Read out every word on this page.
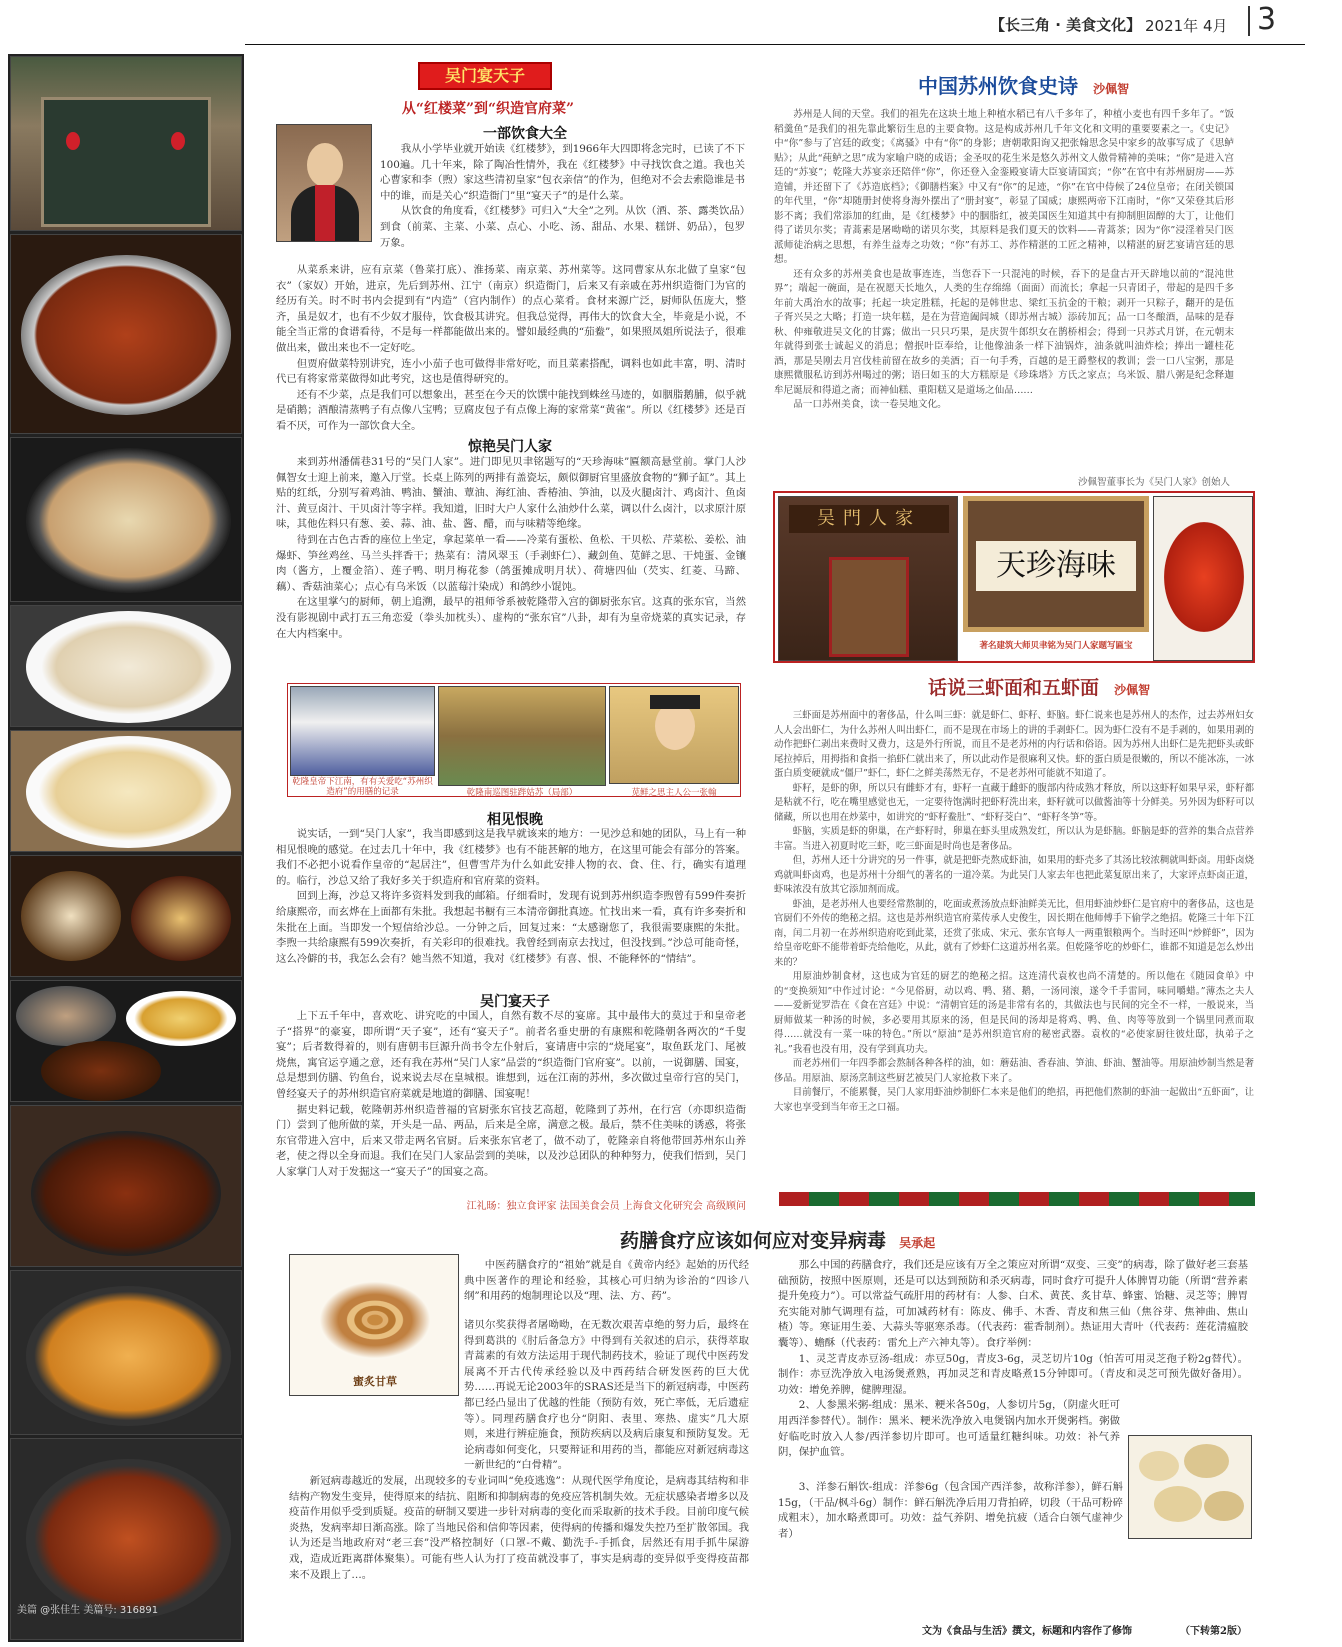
【长三角 · 美食文化】 2021年 4月 3
美篇 @张佳生 美篇号: 316891
吴门宴天子
从“红楼菜”到“织造官府菜”
一部饮食大全

我从小学毕业就开始读《红楼梦》，到1966年大四即将念完时，已读了不下100遍。几十年来，除了陶冶性情外，我在《红楼梦》中寻找饮食之道。我也关心曹家和李（煦）家这些清初皇家“包衣亲信”的作为，但绝对不会去索隐谁是书中的谁，而是关心“织造衙门”里“宴天子”的是什么菜。

从饮食的角度看，《红楼梦》可归入“大全”之列。从饮（酒、茶、露类饮品）到食（前菜、主菜、小菜、点心、小吃、汤、甜品、水果、糕饼、奶品），包罗万象。

从菜系来讲，应有京菜（鲁菜打底）、淮扬菜、南京菜、苏州菜等。这同曹家从东北做了皇家“包衣”（家奴）开始，进京，先后到苏州、江宁（南京）织造衙门，后来又有亲戚在苏州织造衙门为官的经历有关。时不时书内会提到有“内造”（宫内制作）的点心菜肴。食材来源广泛，厨师队伍庞大，整齐，虽是奴才，也有不少奴才服侍，饮食极其讲究。但我总觉得，再伟大的饮食大全，毕竟是小说，不能全当正常的食谱看待，不是每一样都能做出来的。譬如最经典的“茄鲞”，如果照凤姐所说法子，很难做出来，做出来也不一定好吃。

但贾府做菜特别讲究，连小小茄子也可做得非常好吃，而且菜素搭配，调料也如此丰富，明、清时代已有将家常菜做得如此考究，这也是值得研究的。

还有不少菜，点是我们可以想象出，甚至在今天的饮馔中能找到蛛丝马迹的，如胭脂鹅脯，似乎就是硝鹅；酒酿清蒸鸭子有点像八宝鸭；豆腐皮包子有点像上海的家常菜“黄雀”。所以《红楼梦》还是百看不厌，可作为一部饮食大全。

惊艳吴门人家

来到苏州潘儒巷31号的“吴门人家”。进门即见贝聿铭题写的“天珍海味”匾额高悬堂前。掌门人沙佩智女士迎上前来，邀入厅堂。长桌上陈列的两排有盖瓷坛，颇似御厨官里盛放食物的“狮子缸”。其上贴的红纸，分别写着鸡油、鸭油、蟹油、蕈油、海红油、香椿油、笋油，以及火腿卤汁、鸡卤汁、鱼卤汁、黄豆卤汁、干贝卤汁等字样。我知道，旧时大户人家什么油炒什么菜，调以什么卤汁，以求原汁原味，其他佐料只有葱、姜、蒜、油、盐、酱、醋，而与味精等绝缘。

待到在古色古香的座位上坐定，拿起菜单一看——冷菜有蛋松、鱼松、干贝松、芹菜松、姜松、油爆虾、笋丝鸡丝、马兰头拌香干；热菜有：清风翠玉（手剥虾仁）、藏剑鱼、苋鲜之思、干炖蛋、金镶肉（酱方，上覆金箔）、莲子鸭、明月梅花参（鸽蛋摊成明月状）、荷塘四仙（芡实、红菱、马蹄、藕）、香菇油菜心；点心有乌米饭（以蓝莓汁染成）和鸽纱小馄饨。

在这里掌勺的厨师，朝上追溯，最早的祖师爷系被乾隆带入宫的御厨张东官。这真的张东官，当然没有影视剧中武打五三角恋爱（拳头加枕头）、虚构的“张东官”八卦，却有为皇帝烧菜的真实记录，存在大内档案中。

乾隆皇帝下江南，有有关爱吃“苏州织造府”的用膳的记录	乾隆南巡图驻跸姑苏（局部）	苋鲜之思主人公一张翰
相见恨晚

说实话，一到“吴门人家”，我当即感到这是我早就该来的地方：一见沙总和她的团队，马上有一种相见恨晚的感觉。在过去几十年中，我《红楼梦》也有不能甚解的地方，在这里可能会有部分的答案。我们不必把小说看作皇帝的“起居注”，但曹雪芹为什么如此安排人物的衣、食、住、行，确实有道理的。临行，沙总又给了我好多关于织造府和官府菜的资料。

回到上海，沙总又将许多资料发到我的邮箱。仔细看时，发现有说到苏州织造李煦曾有599件奏折给康熙帝，而玄烨在上面都有朱批。我想起书橱有三本清帝御批真迹。忙找出来一看，真有许多奏折和朱批在上面。当即发一个短信给沙总。一分钟之后，回复过来：“太感谢您了，我很需要康熙的朱批。李煦一共给康熙有599次奏折，有关彩印的很难找。我曾经到南京去找过，但没找到。”沙总可能奇怪，这么冷僻的书，我怎么会有？她当然不知道，我对《红楼梦》有喜、恨、不能释怀的“情结”。

吴门宴天子

上下五千年中，喜欢吃、讲究吃的中国人，自然有数不尽的宴席。其中最伟大的莫过于和皇帝老子“搭界”的豪宴，即所谓“天子宴”，还有“宴天子”。前者名垂史册的有康熙和乾隆朝各两次的“千叟宴”；后者数得着的，则有唐朝韦巨源升尚书令左仆射后，宴请唐中宗的“烧尾宴”，取鱼跃龙门、尾被烧焦，寓官运亨通之意，还有我在苏州“吴门人家”品尝的“织造衙门官府宴”。以前，一说御膳、国宴，总是想到仿膳、钓鱼台，说来说去尽在皇城根。谁想到，远在江南的苏州，多次做过皇帝行宫的吴门，曾经宴天子的苏州织造官府菜就是地道的御膳、国宴呢！

据史料记载，乾隆朝苏州织造普福的官厨张东官技艺高超，乾隆到了苏州，在行宫（亦即织造衙门）尝到了他所做的菜，开头是一品、两品，后来是全席，满意之极。最后，禁不住美味的诱惑，将张东官带进入宫中，后来又带走两名官厨。后来张东官老了，做不动了，乾隆亲自将他带回苏州东山养老，使之得以全身而退。我们在吴门人家品尝到的美味，以及沙总团队的种种努力，使我们悟到，吴门人家掌门人对于发掘这一“宴天子”的国宴之高。

江礼旸：独立食评家 法国美食会员 上海食文化研究会 高级顾问
中国苏州饮食史诗 沙佩智

苏州是人间的天堂。我们的祖先在这块土地上种植水稻已有八千多年了，种植小麦也有四千多年了。“饭稻羹鱼”是我们的祖先靠此繁衍生息的主要食物。这是构成苏州几千年文化和文明的重要要素之一。《史记》中“你”参与了宫廷的政变；《离骚》中有“你”的身影；唐朝歌阳询又把张翰思念吴中家乡的故事写成了《思鲈贴》；从此“莼鲈之思”成为家喻户晓的成语；金圣叹的花生米是悠久苏州文人傲骨精神的美味；“你”是进入宫廷的“苏宴”；乾隆大苏宴亲还陪伴“你”，你还登入金銮殿宴请大臣宴请国宾；“你”在官中有苏州厨房——苏造铺，并还留下了《苏造底档》；《御膳档案》中又有“你”的足迹，“你”在官中侍候了24位皇帝；在闭关锁国的年代里，“你”却随册封使将身海外摆出了“册封宴”，彰显了国威；康熙两帝下江南时，“你”又荣登其后形影不离；我们常添加的红曲，是《红楼梦》中的胭脂红，被美国医生知道其中有抑制胆固醇的大丁，让他们得了诺贝尔奖；青蒿素是屠呦呦的诺贝尔奖，其原料是我们夏天的饮料——青蒿茶；因为“你”浸淫着吴门医派师徒治病之思想，有养生益寿之功效；“你”有苏工、苏作精湛的工匠之精神，以精湛的厨艺宴请宫廷的思想。

还有众多的苏州美食也是故事连连，当您吞下一只混沌的时候，吞下的是盘古开天辟地以前的“混沌世界”；端起一碗面，是在祝愿天长地久，人类的生存绵绵（面面）而流长；拿起一只青团子，带起的是四千多年前大禹治水的故事；托起一块定胜糕，托起的是韩世忠、梁红玉抗金的干粮；剥开一只粽子，翻开的是伍子胥兴吴之大略；打造一块年糕，是在为营造阖闾城（即苏州古城）添砖加瓦；品一口冬酿酒，品味的是春秋、仲雍敬进吴文化的甘露；做出一只只巧果，是庆贺牛郎织女在鹊桥相会；得到一只苏式月饼，在元朝末年就得到张士诚起义的消息；僧抿叶臣奉给，让他像油条一样下油锅炸，油条就叫油炸桧；捧出一罐桂花酒，那是吴刚去月宫伐桂前留在故乡的美酒；百一句手秀，百越的是王爵整权的教训；尝一口八宝粥，那是康熙微服私访到苏州喝过的粥；语曰如玉的大方糕原是《珍珠塔》方氏之家点；乌米饭、腊八粥是纪念释迦牟尼诞辰和得道之斋；而神仙糕、重阳糕又是道场之仙品……

品一口苏州美食，读一卷吴地文化。

沙佩智董事长为《吴门人家》创始人
吴門人家
天珍海味
著名建筑大师贝聿铭为吴门人家题写匾宝
话说三虾面和五虾面 沙佩智

三虾面是苏州面中的奢侈品，什么叫三虾：就是虾仁、虾籽、虾脑。虾仁说来也是苏州人的杰作，过去苏州妇女人人会出虾仁，为什么苏州人叫出虾仁，而不是现在市场上的讲的手剥虾仁。因为虾仁没有不是手剥的，如果用剥的动作把虾仁剥出来费时又费力，这是外行所说，而且不是老苏州的内行话和俗语。因为苏州人出虾仁是先把虾头或虾尾拉掉后，用拇指和食指一掐虾仁就出来了，所以此动作是很麻利又快。虾的蛋白质是很嫩的，所以不能冰冻，一冰蛋白质变硬就成“僵尸”虾仁，虾仁之鲜美荡然无存，不是老苏州可能就不知道了。

虾籽，是虾的卵，所以只有雌虾才有，虾籽一直藏于雌虾的腹部内待成熟才释放，所以这虾籽如果早采，虾籽都是粘就不行，吃在嘴里感觉也无，一定要待饱满时把虾籽洗出来，虾籽就可以做酱油等十分鲜美。另外因为虾籽可以储藏，所以也用在炒菜中，如讲究的“虾籽鲞肚”、“虾籽茭白”、“虾籽冬笋”等。

虾脑，实质是虾的卵巢，在产虾籽时，卵巢在虾头里成熟发红，所以认为是虾脑。虾脑是虾的营养的集合点营养丰富。当进入初夏时吃三虾，吃三虾面是时尚也是奢侈品。

但，苏州人还十分讲究的另一件事，就是把虾壳熬成虾油，如果用的虾壳多了其汤比较浓稠就叫虾卤。用虾卤烧鸡就叫虾卤鸡，也是苏州十分细气的著名的一道冷菜。为此吴门人家去年也把此菜复原出来了，大家评点虾卤正道，虾味浓没有放其它添加剂而成。

虾油，是老苏州人也要经常熬制的，吃面或煮汤放点虾油鲜美无比，但用虾油炒虾仁是官府中的奢侈品，这也是官厨们不外传的绝秘之招。这也是苏州织造官府菜传承人史俊生，因长期在他师傅手下偷学之绝招。乾隆三十年下江南，闰二月初一在苏州织造府吃到此菜，还赏了张成、宋元、张东官每人一两重银粮两个。当时还叫“炒鲜虾”，因为给皇帝吃虾不能带着虾壳给他吃，从此，就有了炒虾仁这道苏州名菜。但乾隆爷吃的炒虾仁，谁都不知道是怎么炒出来的？

用原油炒制食材，这也成为官廷的厨艺的绝秘之招。这连清代袁枚也尚不清楚的。所以他在《随园食单》中的“变换须知”中作过讨论：“今见俗厨，动以鸡、鸭、猪、鹅，一汤同滚，遂令千手雷同，味同嚼蜡。”薄杰之夫人——爱新觉罗浩在《食在宫廷》中说：“清朝官廷的汤是非常有名的，其做法也与民间的完全不一样，一般说来，当厨师做某一种汤的时候，多必要用其原来的汤，但是民间的汤却是将鸡、鸭、鱼、肉等等放到一个锅里同煮而取得……就没有一菜一味的特色。”所以“原油”是苏州织造官府的秘密武器。袁枚的“必使家厨往彼灶邸，执弟子之礼。”我看也没有用，没有学到真功夫。

而老苏州们一年四季都会熬制各种各样的油，如：蘑菇油、香春油、笋油、虾油、蟹油等。用原油炒制当然是奢侈品。用原油、原汤烹制这些厨艺被吴门人家抢救下来了。

目前餐厅，不能累餐，吴门人家用虾油炒制虾仁本来是他们的绝招，再把他们熬制的虾油一起做出“五虾面”，让大家也享受到当年帝王之口福。

药膳食疗应该如何应对变异病毒 吴承起
蜜炙甘草

中医药膳食疗的“祖始”就是自《黄帝内经》起始的历代经典中医著作的理论和经验，其核心可归纳为诊治的“四诊八纲”和用药的炮制理论以及“理、法、方、药”。

诸贝尔奖获得者屠呦呦，在无数次艰苦卓绝的努力后，最终在得到葛洪的《肘后备急方》中得到有关叙述的启示，获得萃取青蒿素的有效方法运用于现代制药技术，验证了现代中医药发展离不开古代传承经验以及中西药结合研发医药的巨大优势……再说无论2003年的SRAS还是当下的新冠病毒，中医药都已经凸显出了优越的性能（预防有效，死亡率低，无后遗症等）。同理药膳食疗也分“阴阳、表里、寒热、虚实”几大原则，来进行辨症施食，预防疾病以及病后康复和预防复发。无论病毒如何变化，只要辩证和用药的当，都能应对新冠病毒这一新世纪的“白骨精”。

新冠病毒越近的发展，出现较多的专业词叫“免疫逃逸”：从现代医学角度论，是病毒其结构和非结构产物发生变异，使得原来的结抗、阻断和抑制病毒的免疫应答机制失效。无症状感染者增多以及疫苗作用似乎受到质疑。疫苗的研制又要进一步针对病毒的变化而采取新的技术手段。目前印度气候炎热，发病率却日渐高涨。除了当地民俗和信仰等因素，使得病的传播和爆发失控乃至扩散邻国。我认为还是当地政府对“老三套”没严格控制好（口罩-不戴、勤洗手-手抓食，居然还有用手抓牛屎游戏，造成近距离群体聚集）。可能有些人认为打了疫苗就没事了，事实是病毒的变异似乎变得疫苗都来不及跟上了…。

那么中国的药膳食疗，我们还是应该有万全之策应对所谓“双变、三变”的病毒，除了做好老三套基础预防，按照中医原则，还是可以达到预防和杀灭病毒，同时食疗可提升人体脾胃功能（所谓“营养素提升免疫力”）。可以常益气疏肝用的药材有：人参、白术、黄芪、炙甘草、蜂蜜、饴糖、灵芝等；脾胃充实能对肺气调理有益，可加减药材有：陈皮、佛手、木香、青皮和焦三仙（焦谷芽、焦神曲、焦山楂）等。寒证用生姜、大蒜头等驱寒杀毒。（代表药：霍香制剂）。热证用大青叶（代表药：莲花清瘟胶囊等）、蟾酥（代表药：雷允上产六神丸等）。食疗举例：

1、灵芝青皮赤豆汤-组成：赤豆50g，青皮3-6g，灵芝切片10g（怕苦可用灵芝孢子粉2g替代）。制作：赤豆洗净放入电汤煲煮熟，再加灵芝和青皮略煮15分钟即可。（青皮和灵芝可预先做好备用）。功效：增免养脾，健脾理湿。

2、人参黑米粥-组成：黑米、粳米各50g，人参切片5g，（阴虚火旺可用西洋参替代）。制作：黑米、粳米洗净放入电煲锅内加水开煲粥档。粥做好临吃时放入人参/西洋参切片即可。也可适量红糖纠味。功效：补气养阴，保护血管。

3、洋参石斛饮-组成：洋参6g（包含国产西洋参，故称洋参），鲜石斛15g，（干品/枫斗6g）制作：鲜石斛洗净后用刀背拍碎，切段（干品可粉碎成粗末），加水略煮即可。功效：益气养阴、增免抗疲（适合白领气虚神少者）

文为《食品与生活》撰文，标题和内容作了修饰	（下转第2版）
